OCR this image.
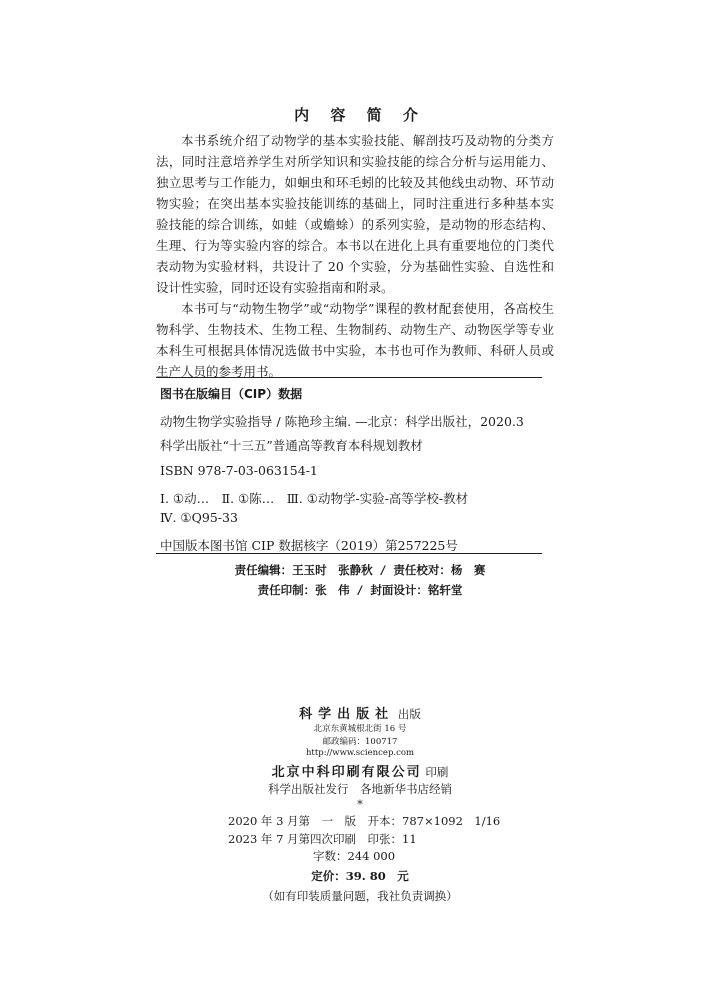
内 容 简 介

本书系统介绍了动物学的基本实验技能、解剖技巧及动物的分类方法，同时注意培养学生对所学知识和实验技能的综合分析与运用能力、独立思考与工作能力，如蛔虫和环毛蚓的比较及其他线虫动物、环节动物实验；在突出基本实验技能训练的基础上，同时注重进行多种基本实验技能的综合训练，如蛙（或蟾蜍）的系列实验，是动物的形态结构、生理、行为等实验内容的综合。本书以在进化上具有重要地位的门类代表动物为实验材料，共设计了 20 个实验，分为基础性实验、自选性和设计性实验，同时还设有实验指南和附录。

本书可与“动物生物学”或“动物学”课程的教材配套使用，各高校生物科学、生物技术、生物工程、生物制药、动物生产、动物医学等专业本科生可根据具体情况选做书中实验，本书也可作为教师、科研人员或生产人员的参考用书。

图书在版编目（CIP）数据
动物生物学实验指导 / 陈艳珍主编. —北京：科学出版社，2020.3
科学出版社“十三五”普通高等教育本科规划教材
ISBN 978-7-03-063154-1
Ⅰ. ①动…　Ⅱ. ①陈…　Ⅲ. ①动物学-实验-高等学校-教材
Ⅳ. ①Q95-33
中国版本图书馆 CIP 数据核字（2019）第257225号
责任编辑：王玉时　张静秋 / 责任校对：杨　赛
责任印制：张　伟 / 封面设计：铭轩堂
科学出版社 出版
北京东黄城根北街 16 号
邮政编码：100717
http://www.sciencep.com
北京中科印刷有限公司 印刷
科学出版社发行　各地新华书店经销
*
2020 年 3 月第　一　版　开本：787×1092　1/16
2023 年 7 月第四次印刷　印张：11
字数：244 000
定价：39. 80　元
（如有印装质量问题，我社负责调换）
